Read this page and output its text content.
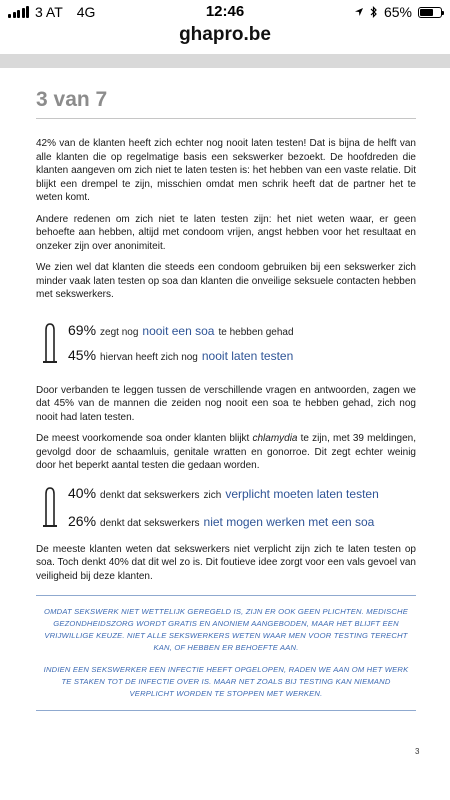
3 AT 4G	12:46	65%
ghapro.be
3 van 7

42% van de klanten heeft zich echter nog nooit laten testen! Dat is bijna de helft van alle klanten die op regelmatige basis een sekswerker bezoekt. De hoofdreden die klanten aangeven om zich niet te laten testen is: het hebben van een vaste relatie. Dit blijkt een drempel te zijn, misschien omdat men schrik heeft dat de partner het te weten komt.

Andere redenen om zich niet te laten testen zijn: het niet weten waar, er geen behoefte aan hebben, altijd met condoom vrijen, angst hebben voor het resultaat en onzeker zijn over anonimiteit.

We zien wel dat klanten die steeds een condoom gebruiken bij een sekswerker zich minder vaak laten testen op soa dan klanten die onveilige seksuele contacten hebben met sekswerkers.

69% zegt nog nooit een soa te hebben gehad
45% hiervan heeft zich nog nooit laten testen

Door verbanden te leggen tussen de verschillende vragen en antwoorden, zagen we dat 45% van de mannen die zeiden nog nooit een soa te hebben gehad, zich nog nooit had laten testen.

De meest voorkomende soa onder klanten blijkt chlamydia te zijn, met 39 meldingen, gevolgd door de schaamluis, genitale wratten en gonorroe. Dit zegt echter weinig door het beperkt aantal testen die gedaan worden.

40% denkt dat sekswerkers zich verplicht moeten laten testen
26% denkt dat sekswerkers niet mogen werken met een soa

De meeste klanten weten dat sekswerkers niet verplicht zijn zich te laten testen op soa. Toch denkt 40% dat dit wel zo is. Dit foutieve idee zorgt voor een vals gevoel van veiligheid bij deze klanten.

OMDAT SEKSWERK NIET WETTELIJK GEREGELD IS, ZIJN ER OOK GEEN PLICHTEN. MEDISCHE GEZONDHEIDSZORG WORDT GRATIS EN ANONIEM AANGEBODEN, MAAR HET BLIJFT EEN VRIJWILLIGE KEUZE. NIET ALLE SEKSWERKERS WETEN WAAR MEN VOOR TESTING TERECHT KAN, OF HEBBEN ER BEHOEFTE AAN.

INDIEN EEN SEKSWERKER EEN INFECTIE HEEFT OPGELOPEN, RADEN WE AAN OM HET WERK TE STAKEN TOT DE INFECTIE OVER IS. MAAR NET ZOALS BIJ TESTING KAN NIEMAND VERPLICHT WORDEN TE STOPPEN MET WERKEN.

3
